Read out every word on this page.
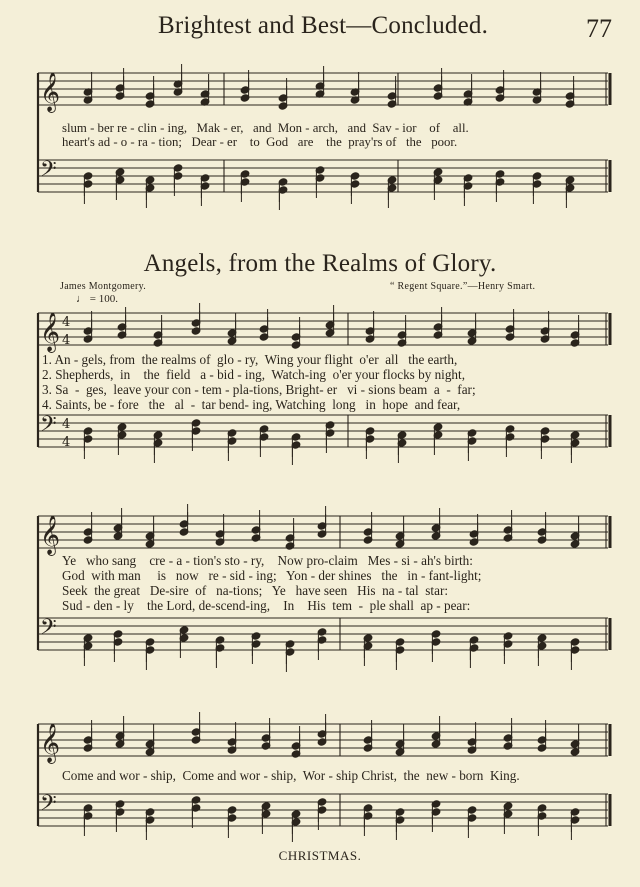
Brightest and Best—Concluded.	77
𝄞
𝄢
𝄞
𝄢
𝄞
𝄢
𝄞
𝄢
4
4
4
4
slum - ber re - clin - ing,   Mak - er,   and  Mon - arch,   and  Sav - ior    of    all.
heart's ad - o - ra - tion;   Dear - er    to  God   are    the  pray'rs of   the   poor.
Angels, from the Realms of Glory.
James Montgomery.	“ Regent Square.”—Henry Smart.
♩ = 100.
1. An - gels, from  the realms of  glo - ry,  Wing your flight  o'er  all   the earth,
2. Shepherds,  in    the  field   a - bid - ing,  Watch-ing  o'er your flocks by night,
3. Sa  -  ges,  leave your con - tem - pla-tions, Bright- er   vi - sions beam  a  -  far;
4. Saints, be - fore   the   al  -  tar bend- ing, Watching  long   in  hope  and fear,
Ye   who sang    cre - a - tion's sto - ry,    Now pro-claim   Mes - si - ah's birth:
God  with man     is   now   re - sid - ing;   Yon - der shines   the   in - fant-light;
Seek  the great   De-sire  of   na-tions;   Ye   have seen   His  na - tal  star:
Sud - den - ly    the Lord, de-scend-ing,    In    His  tem  -  ple shall  ap - pear:
Come and wor - ship,  Come and wor - ship,  Wor - ship Christ,  the  new - born  King.
CHRISTMAS.
